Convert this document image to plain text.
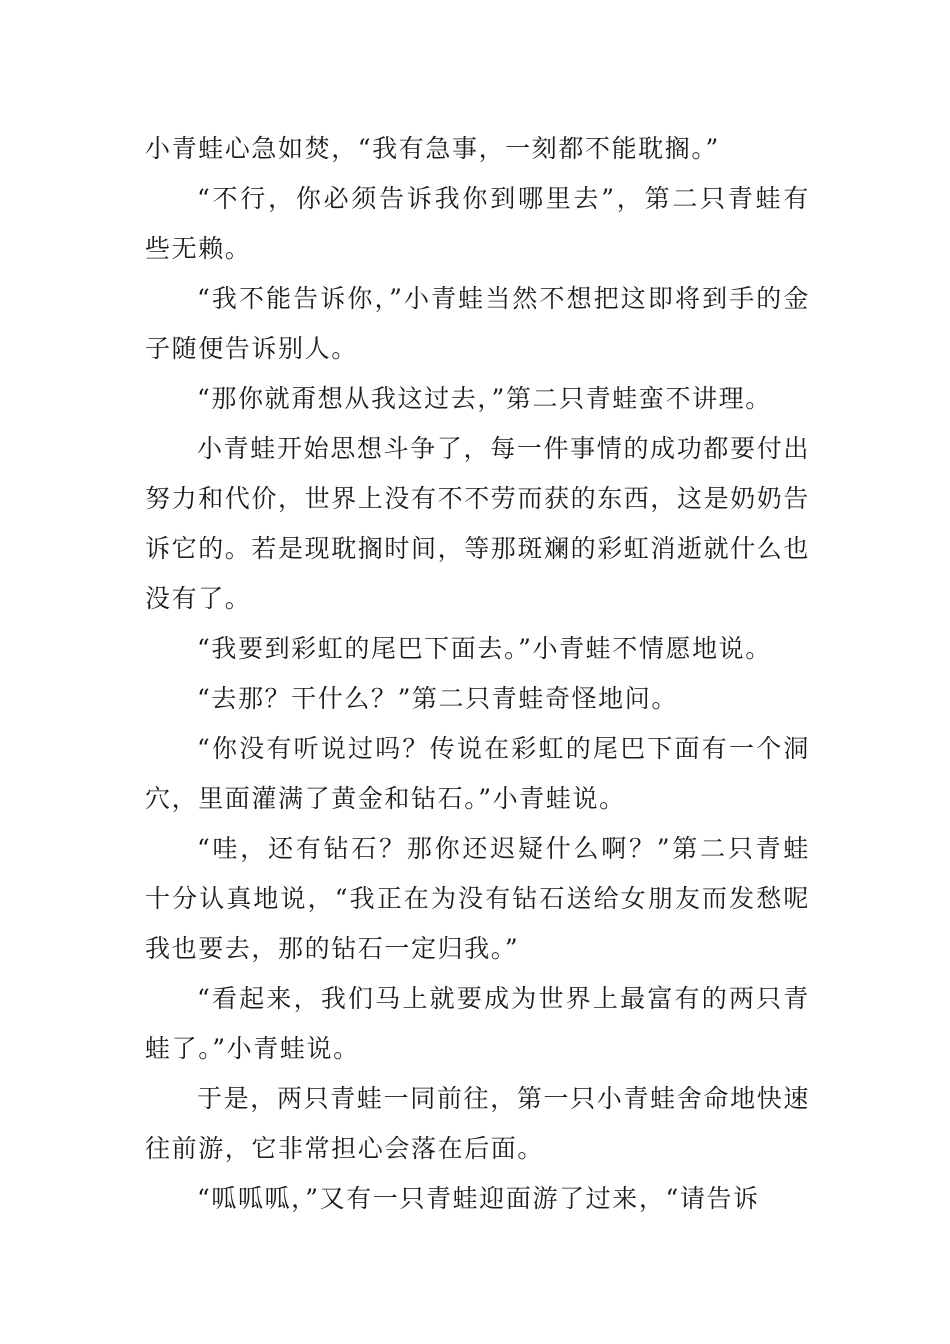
小青蛙心急如焚，“我有急事，一刻都不能耽搁。”

“不行，你必须告诉我你到哪里去”，第二只青蛙有些无赖。

“我不能告诉你，”小青蛙当然不想把这即将到手的金子随便告诉别人。

“那你就甭想从我这过去，”第二只青蛙蛮不讲理。

小青蛙开始思想斗争了，每一件事情的成功都要付出努力和代价，世界上没有不不劳而获的东西，这是奶奶告诉它的。若是现耽搁时间，等那斑斓的彩虹消逝就什么也没有了。

“我要到彩虹的尾巴下面去。”小青蛙不情愿地说。

“去那？干什么？”第二只青蛙奇怪地问。

“你没有听说过吗？传说在彩虹的尾巴下面有一个洞穴，里面灌满了黄金和钻石。”小青蛙说。

“哇，还有钻石？那你还迟疑什么啊？”第二只青蛙十分认真地说，“我正在为没有钻石送给女朋友而发愁呢我也要去，那的钻石一定归我。”

“看起来，我们马上就要成为世界上最富有的两只青蛙了。”小青蛙说。

于是，两只青蛙一同前往，第一只小青蛙舍命地快速往前游，它非常担心会落在后面。

“呱呱呱，”又有一只青蛙迎面游了过来，“请告诉
